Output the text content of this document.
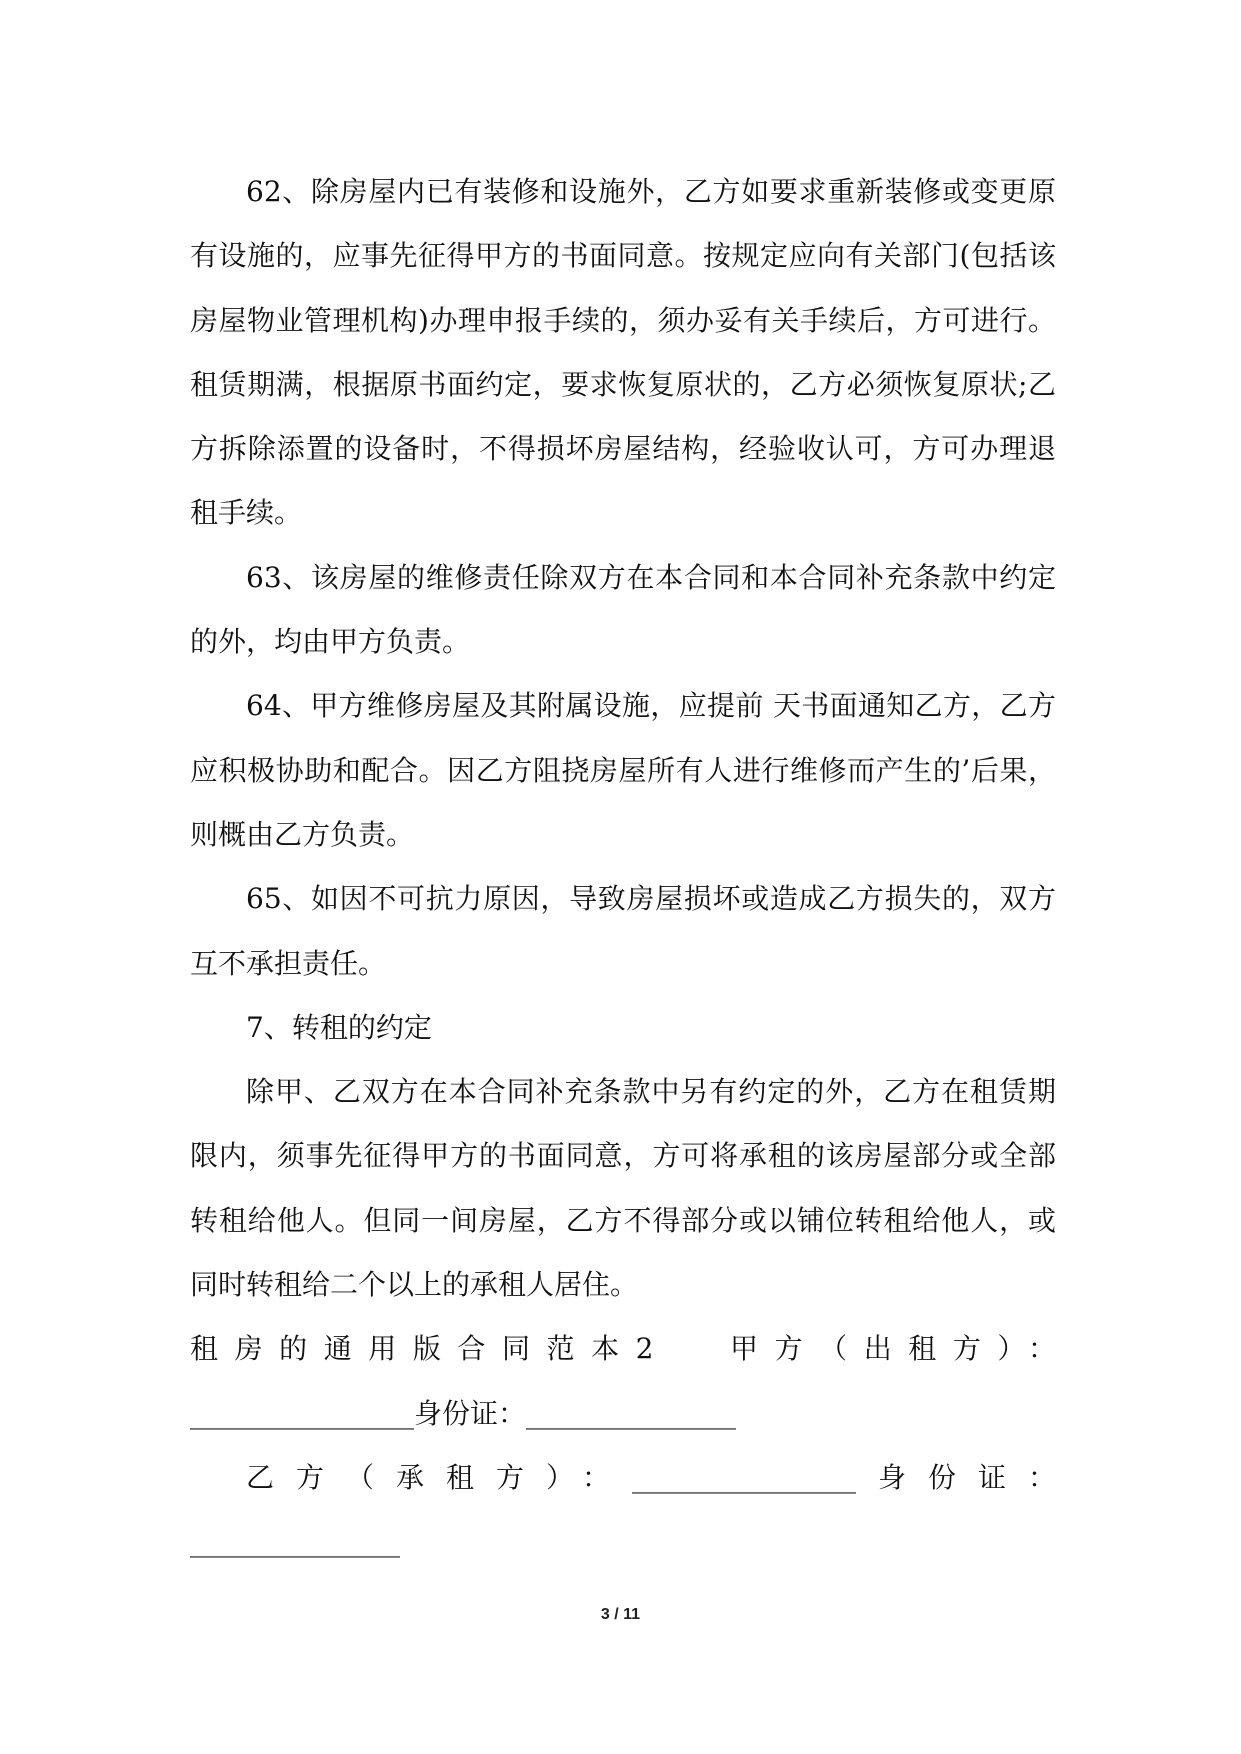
62、除房屋内已有装修和设施外，乙方如要求重新装修或变更原有设施的，应事先征得甲方的书面同意。按规定应向有关部门(包括该房屋物业管理机构)办理申报手续的，须办妥有关手续后，方可进行。租赁期满，根据原书面约定，要求恢复原状的，乙方必须恢复原状;乙方拆除添置的设备时，不得损坏房屋结构，经验收认可，方可办理退租手续。

63、该房屋的维修责任除双方在本合同和本合同补充条款中约定的外，均由甲方负责。

64、甲方维修房屋及其附属设施，应提前 天书面通知乙方，乙方应积极协助和配合。因乙方阻挠房屋所有人进行维修而产生的’后果，则概由乙方负责。

65、如因不可抗力原因，导致房屋损坏或造成乙方损失的，双方互不承担责任。

7、转租的约定

除甲、乙双方在本合同补充条款中另有约定的外，乙方在租赁期限内，须事先征得甲方的书面同意，方可将承租的该房屋部分或全部转租给他人。但同一间房屋，乙方不得部分或以铺位转租给他人，或同时转租给二个以上的承租人居住。

租房的通用版合同范本2 甲方（出租方）：

________________身份证：_______________

乙方（承租方）：________________身份证：

_______________

3 / 11
